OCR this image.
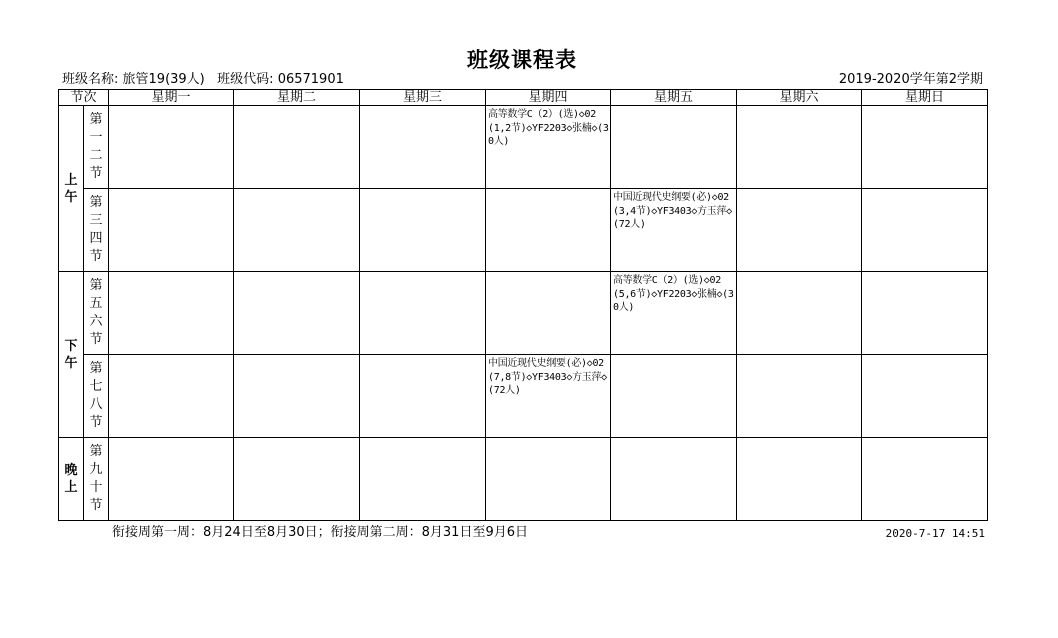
班级课程表
班级名称: 旅管19(39人) 班级代码: 06571901	2019-2020学年第2学期
节次		星期一	星期二	星期三	星期四	星期五	星期六	星期日
上午	第一二节				高等数学C（2）(选)◇02(1,2节)◇YF2203◇张楠◇(30人)			

	第三四节					中国近现代史纲要(必)◇02(3,4节)◇YF3403◇方玉萍◇(72人)		

下午	第五六节					高等数学C（2）(选)◇02(5,6节)◇YF2203◇张楠◇(30人)		

	第七八节				中国近现代史纲要(必)◇02(7,8节)◇YF3403◇方玉萍◇(72人)			

晚上	第九十节	

衔接周第一周：8月24日至8月30日；衔接周第二周：8月31日至9月6日	2020-7-17 14:51
